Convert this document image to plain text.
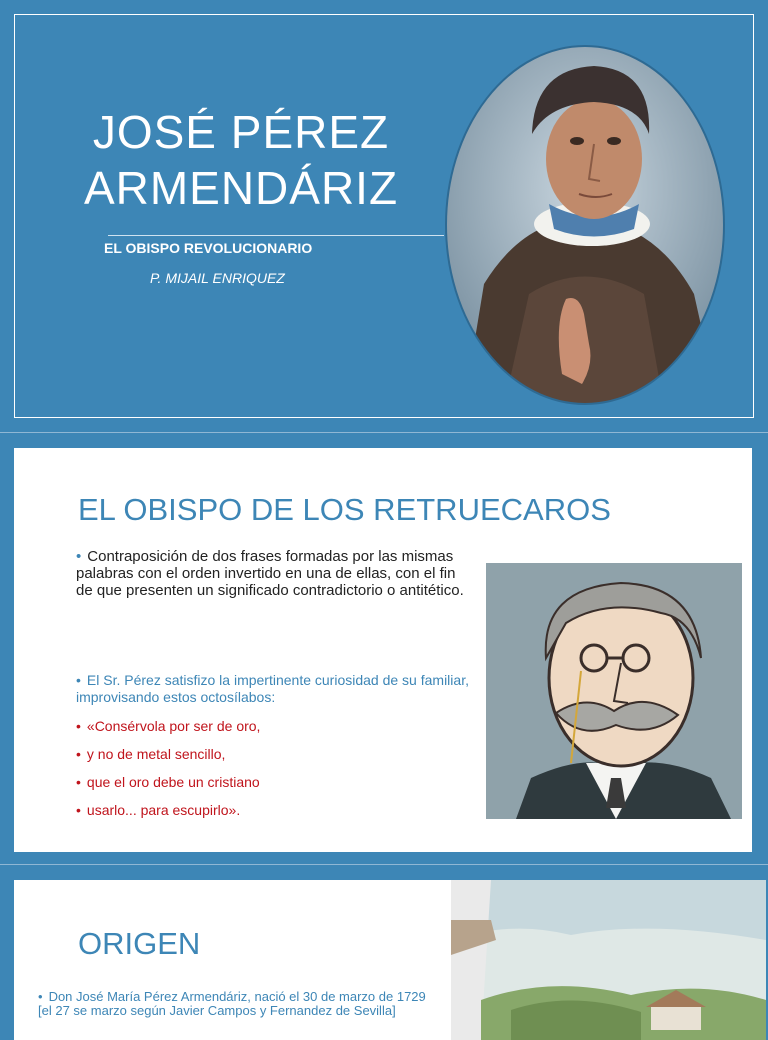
JOSÉ PÉREZ
ARMENDÁRIZ
EL OBISPO REVOLUCIONARIO
P. MIJAIL ENRIQUEZ
EL OBISPO DE LOS RETRUECAROS
• Contraposición de dos frases formadas por las mismas palabras con el orden invertido en una de ellas, con el fin de que presenten un significado contradictorio o antitético.
• El Sr. Pérez satisfizo la impertinente curiosidad de su familiar, improvisando estos octosílabos:
• «Consérvola por ser de oro,
• y no de metal sencillo,
• que el oro debe un cristiano
• usarlo... para escupirlo».
ORIGEN
• Don José María Pérez Armendáriz, nació el 30 de marzo de 1729 [el 27 se marzo según Javier Campos y Fernandez de Sevilla]
